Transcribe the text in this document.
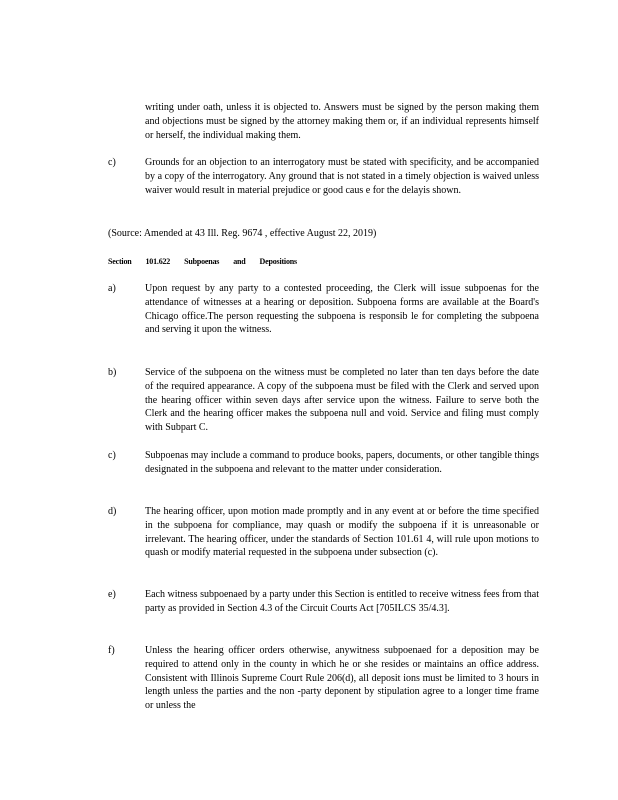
writing under oath, unless it is objected to. Answers must be signed by the person making them and objections must be signed by the attorney making them or, if an individual represents himself or herself, the individual making them.
c)	Grounds for an objection to an interrogatory must be stated with specificity, and be accompanied by a copy of the interrogatory. Any ground that is not stated in a timely objection is waived unless waiver would result in material prejudice or good caus e for the delayis shown.
(Source: Amended at 43 Ill. Reg. 9674 , effective August 22, 2019)
Section 101.622 Subpoenas and Depositions
a)	Upon request by any party to a contested proceeding, the Clerk will issue subpoenas for the attendance of witnesses at a hearing or deposition. Subpoena forms are available at the Board's Chicago office.The person requesting the subpoena is responsib le for completing the subpoena and serving it upon the witness.
b)	Service of the subpoena on the witness must be completed no later than ten days before the date of the required appearance. A copy of the subpoena must be filed with the Clerk and served upon the hearing officer within seven days after service upon the witness. Failure to serve both the Clerk and the hearing officer makes the subpoena null and void. Service and filing must comply with Subpart C.
c)	Subpoenas may include a command to produce books, papers, documents, or other tangible things designated in the subpoena and relevant to the matter under consideration.
d)	The hearing officer, upon motion made promptly and in any event at or before the time specified in the subpoena for compliance, may quash or modify the subpoena if it is unreasonable or irrelevant. The hearing officer, under the standards of Section 101.61 4, will rule upon motions to quash or modify material requested in the subpoena under subsection (c).
e)	Each witness subpoenaed by a party under this Section is entitled to receive witness fees from that party as provided in Section 4.3 of the Circuit Courts Act [705ILCS 35/4.3].
f)	Unless the hearing officer orders otherwise, anywitness subpoenaed for a deposition may be required to attend only in the county in which he or she resides or maintains an office address. Consistent with Illinois Supreme Court Rule 206(d), all deposit ions must be limited to 3 hours in length unless the parties and the non -party deponent by stipulation agree to a longer time frame or unless the
